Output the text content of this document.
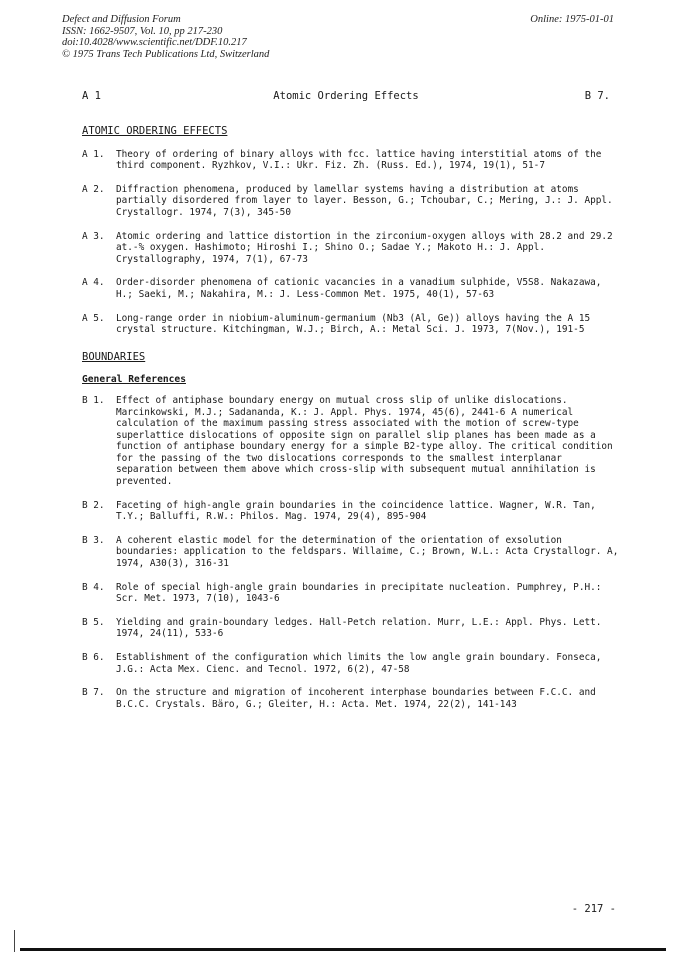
Defect and Diffusion Forum
ISSN: 1662-9507, Vol. 10, pp 217-230
doi:10.4028/www.scientific.net/DDF.10.217
© 1975 Trans Tech Publications Ltd, Switzerland
Online: 1975-01-01
A 1	Atomic Ordering Effects	B 7.
ATOMIC ORDERING EFFECTS
A 1. Theory of ordering of binary alloys with fcc. lattice having interstitial atoms of the third component. Ryzhkov, V.I.: Ukr. Fiz. Zh. (Russ. Ed.), 1974, 19(1), 51-7
A 2. Diffraction phenomena, produced by lamellar systems having a distribution at atoms partially disordered from layer to layer. Besson, G.; Tchoubar, C.; Mering, J.: J. Appl. Crystallogr. 1974, 7(3), 345-50
A 3. Atomic ordering and lattice distortion in the zirconium-oxygen alloys with 28.2 and 29.2 at.-% oxygen. Hashimoto; Hiroshi I.; Shino O.; Sadae Y.; Makoto H.: J. Appl. Crystallography, 1974, 7(1), 67-73
A 4. Order-disorder phenomena of cationic vacancies in a vanadium sulphide, V5S8. Nakazawa, H.; Saeki, M.; Nakahira, M.: J. Less-Common Met. 1975, 40(1), 57-63
A 5. Long-range order in niobium-aluminum-germanium (Nb3 (Al, Ge)) alloys having the A 15 crystal structure. Kitchingman, W.J.; Birch, A.: Metal Sci. J. 1973, 7(Nov.), 191-5
BOUNDARIES
General References
B 1. Effect of antiphase boundary energy on mutual cross slip of unlike dislocations. Marcinkowski, M.J.; Sadananda, K.: J. Appl. Phys. 1974, 45(6), 2441-6 A numerical calculation of the maximum passing stress associated with the motion of screw-type superlattice dislocations of opposite sign on parallel slip planes has been made as a function of antiphase boundary energy for a simple B2-type alloy. The critical condition for the passing of the two dislocations corresponds to the smallest interplanar separation between them above which cross-slip with subsequent mutual annihilation is prevented.
B 2. Faceting of high-angle grain boundaries in the coincidence lattice. Wagner, W.R. Tan, T.Y.; Balluffi, R.W.: Philos. Mag. 1974, 29(4), 895-904
B 3. A coherent elastic model for the determination of the orientation of exsolution boundaries: application to the feldspars. Willaime, C.; Brown, W.L.: Acta Crystallogr. A, 1974, A30(3), 316-31
B 4. Role of special high-angle grain boundaries in precipitate nucleation. Pumphrey, P.H.: Scr. Met. 1973, 7(10), 1043-6
B 5. Yielding and grain-boundary ledges. Hall-Petch relation. Murr, L.E.: Appl. Phys. Lett. 1974, 24(11), 533-6
B 6. Establishment of the configuration which limits the low angle grain boundary. Fonseca, J.G.: Acta Mex. Cienc. and Tecnol. 1972, 6(2), 47-58
B 7. On the structure and migration of incoherent interphase boundaries between F.C.C. and B.C.C. Crystals. Bäro, G.; Gleiter, H.: Acta. Met. 1974, 22(2), 141-143
- 217 -
